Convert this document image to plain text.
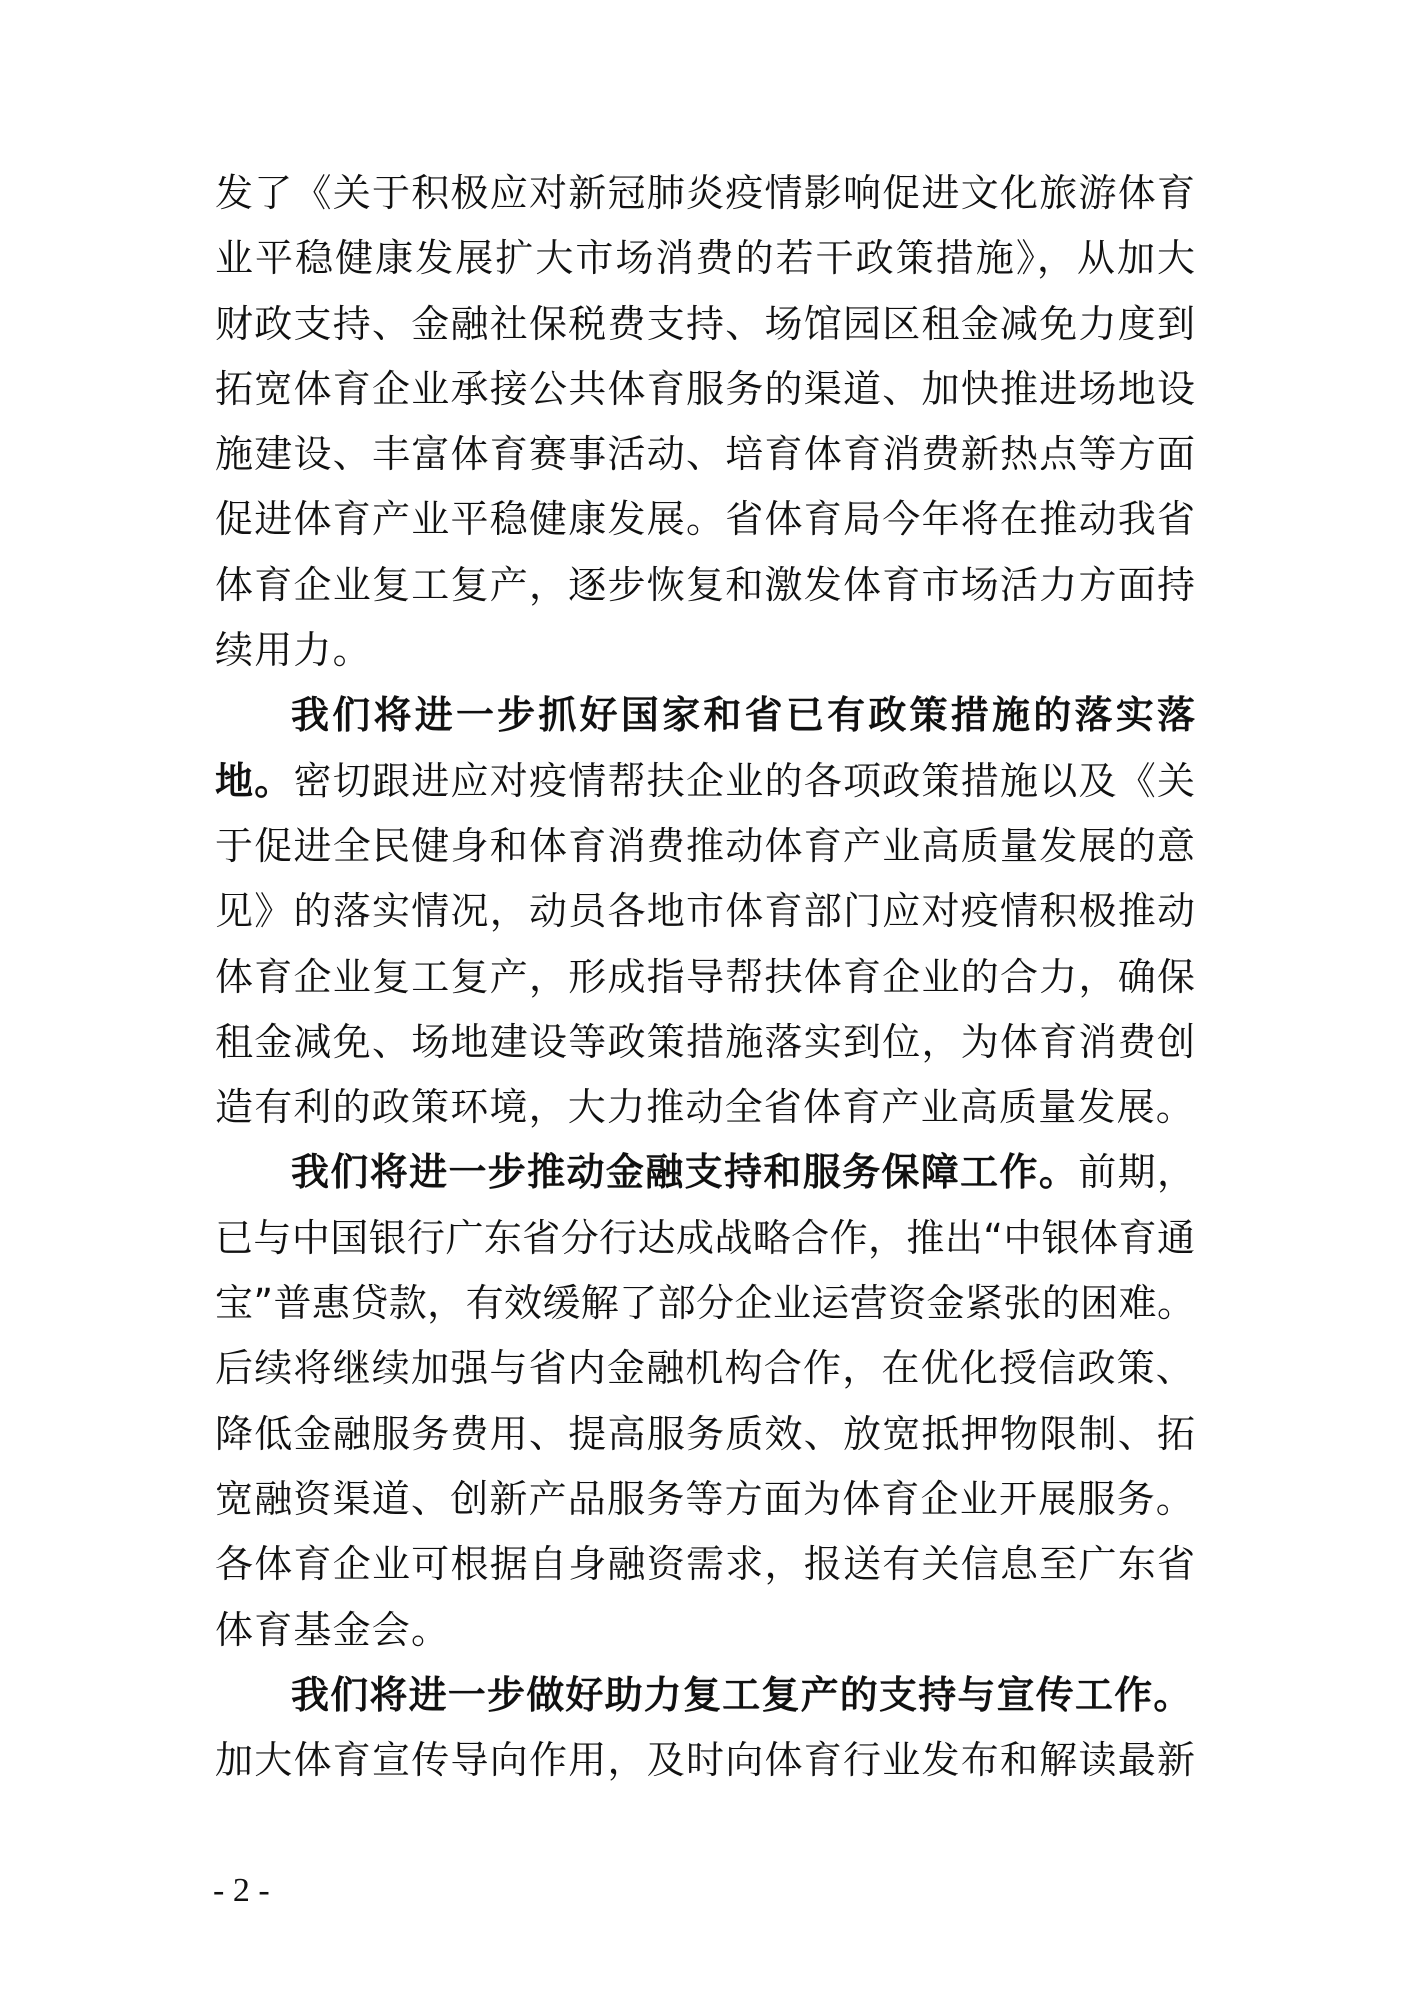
发了《关于积极应对新冠肺炎疫情影响促进文化旅游体育
业平稳健康发展扩大市场消费的若干政策措施》，从加大
财政支持、金融社保税费支持、场馆园区租金减免力度到
拓宽体育企业承接公共体育服务的渠道、加快推进场地设
施建设、丰富体育赛事活动、培育体育消费新热点等方面
促进体育产业平稳健康发展。省体育局今年将在推动我省
体育企业复工复产，逐步恢复和激发体育市场活力方面持
续用力。
我们将进一步抓好国家和省已有政策措施的落实落
地。密切跟进应对疫情帮扶企业的各项政策措施以及《关
于促进全民健身和体育消费推动体育产业高质量发展的意
见》的落实情况，动员各地市体育部门应对疫情积极推动
体育企业复工复产，形成指导帮扶体育企业的合力，确保
租金减免、场地建设等政策措施落实到位，为体育消费创
造有利的政策环境，大力推动全省体育产业高质量发展。
我们将进一步推动金融支持和服务保障工作。前期，
已与中国银行广东省分行达成战略合作，推出“中银体育通
宝”普惠贷款，有效缓解了部分企业运营资金紧张的困难。
后续将继续加强与省内金融机构合作，在优化授信政策、
降低金融服务费用、提高服务质效、放宽抵押物限制、拓
宽融资渠道、创新产品服务等方面为体育企业开展服务。
各体育企业可根据自身融资需求，报送有关信息至广东省
体育基金会。
我们将进一步做好助力复工复产的支持与宣传工作。
加大体育宣传导向作用，及时向体育行业发布和解读最新
- 2 -
